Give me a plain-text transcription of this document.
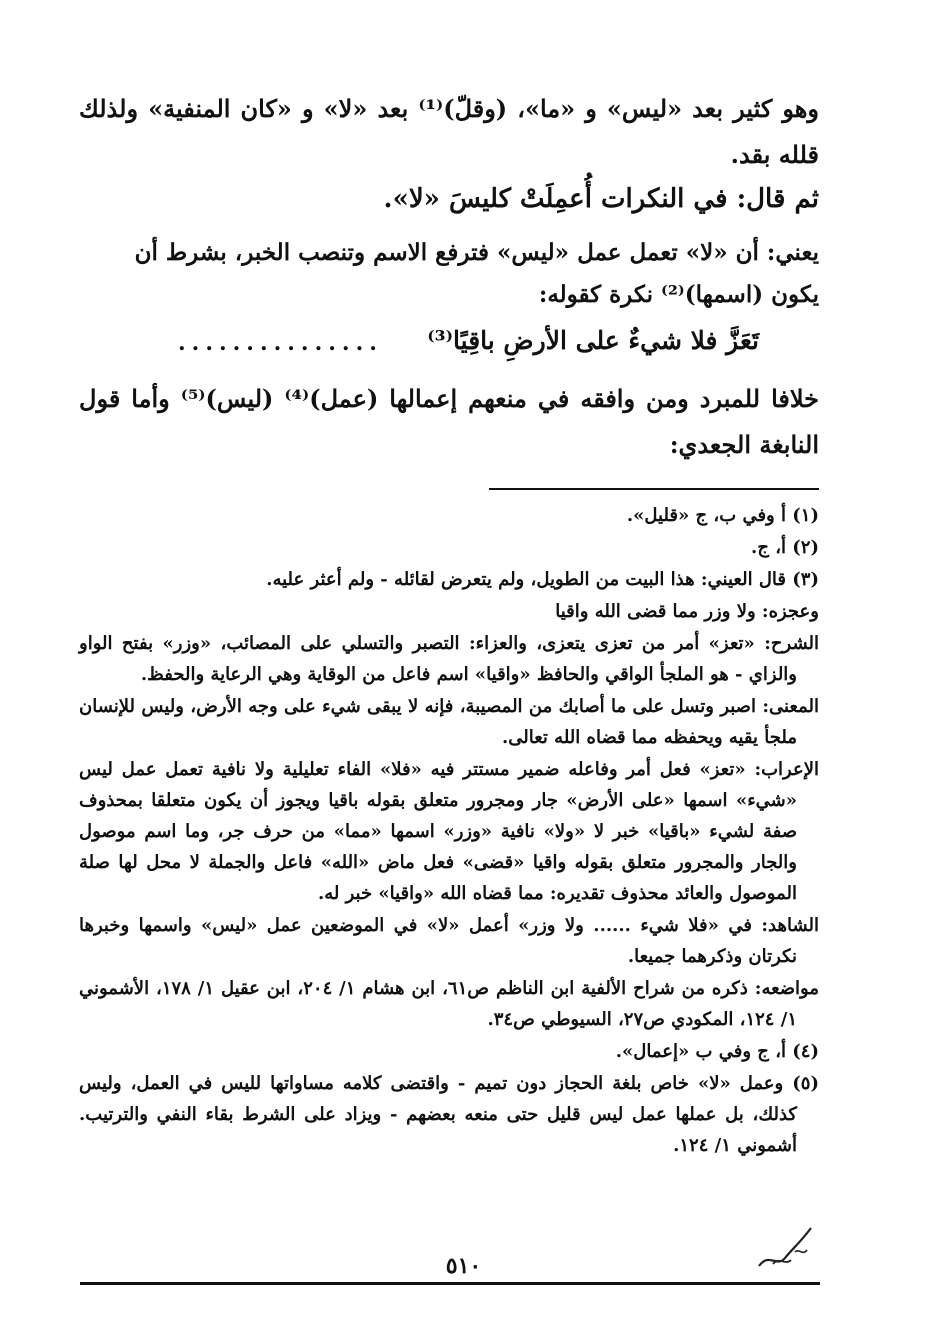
وهو كثير بعد «ليس» و «ما»، (وقلّ)⁽¹⁾ بعد «لا» و «كان المنفية» ولذلك قلله بقد.

ثم قال: في النكرات أُعمِلَتْ كليسَ «لا».

يعني: أن «لا» تعمل عمل «ليس» فترفع الاسم وتنصب الخبر، بشرط أن

يكون (اسمها)⁽²⁾ نكرة كقوله:

تَعَزَّ فلا شيءٌ على الأرضِ باقِيًا⁽³⁾

...............

خلافا للمبرد ومن وافقه في منعهم إعمالها (عمل)⁽⁴⁾ (ليس)⁽⁵⁾ وأما قول النابغة الجعدي:

(١) أ وفي ب، ج «قليل».

(٢) أ، ج.

(٣) قال العيني: هذا البيت من الطويل، ولم يتعرض لقائله - ولم أعثر عليه.

وعجزه: ولا وزر مما قضى الله واقيا

الشرح: «تعز» أمر من تعزى يتعزى، والعزاء: التصبر والتسلي على المصائب، «وزر» بفتح الواو والزاي - هو الملجأ الواقي والحافظ «واقيا» اسم فاعل من الوقاية وهي الرعاية والحفظ.

المعنى: اصبر وتسل على ما أصابك من المصيبة، فإنه لا يبقى شيء على وجه الأرض، وليس للإنسان ملجأ يقيه ويحفظه مما قضاه الله تعالى.

الإعراب: «تعز» فعل أمر وفاعله ضمير مستتر فيه «فلا» الفاء تعليلية ولا نافية تعمل عمل ليس «شيء» اسمها «على الأرض» جار ومجرور متعلق بقوله باقيا ويجوز أن يكون متعلقا بمحذوف صفة لشيء «باقيا» خبر لا «ولا» نافية «وزر» اسمها «مما» من حرف جر، وما اسم موصول والجار والمجرور متعلق بقوله واقيا «قضى» فعل ماض «الله» فاعل والجملة لا محل لها صلة الموصول والعائد محذوف تقديره: مما قضاه الله «واقيا» خبر له.

الشاهد: في «فلا شيء ...... ولا وزر» أعمل «لا» في الموضعين عمل «ليس» واسمها وخبرها نكرتان وذكرهما جميعا.

مواضعه: ذكره من شراح الألفية ابن الناظم ص٦١، ابن هشام ١/ ٢٠٤، ابن عقيل ١/ ١٧٨، الأشموني ١/ ١٢٤، المكودي ص٢٧، السيوطي ص٣٤.

(٤) أ، ج وفي ب «إعمال».

(٥) وعمل «لا» خاص بلغة الحجاز دون تميم - واقتضى كلامه مساواتها لليس في العمل، وليس كذلك، بل عملها عمل ليس قليل حتى منعه بعضهم - ويزاد على الشرط بقاء النفي والترتيب. أشموني ١/ ١٢٤.

٥١٠
